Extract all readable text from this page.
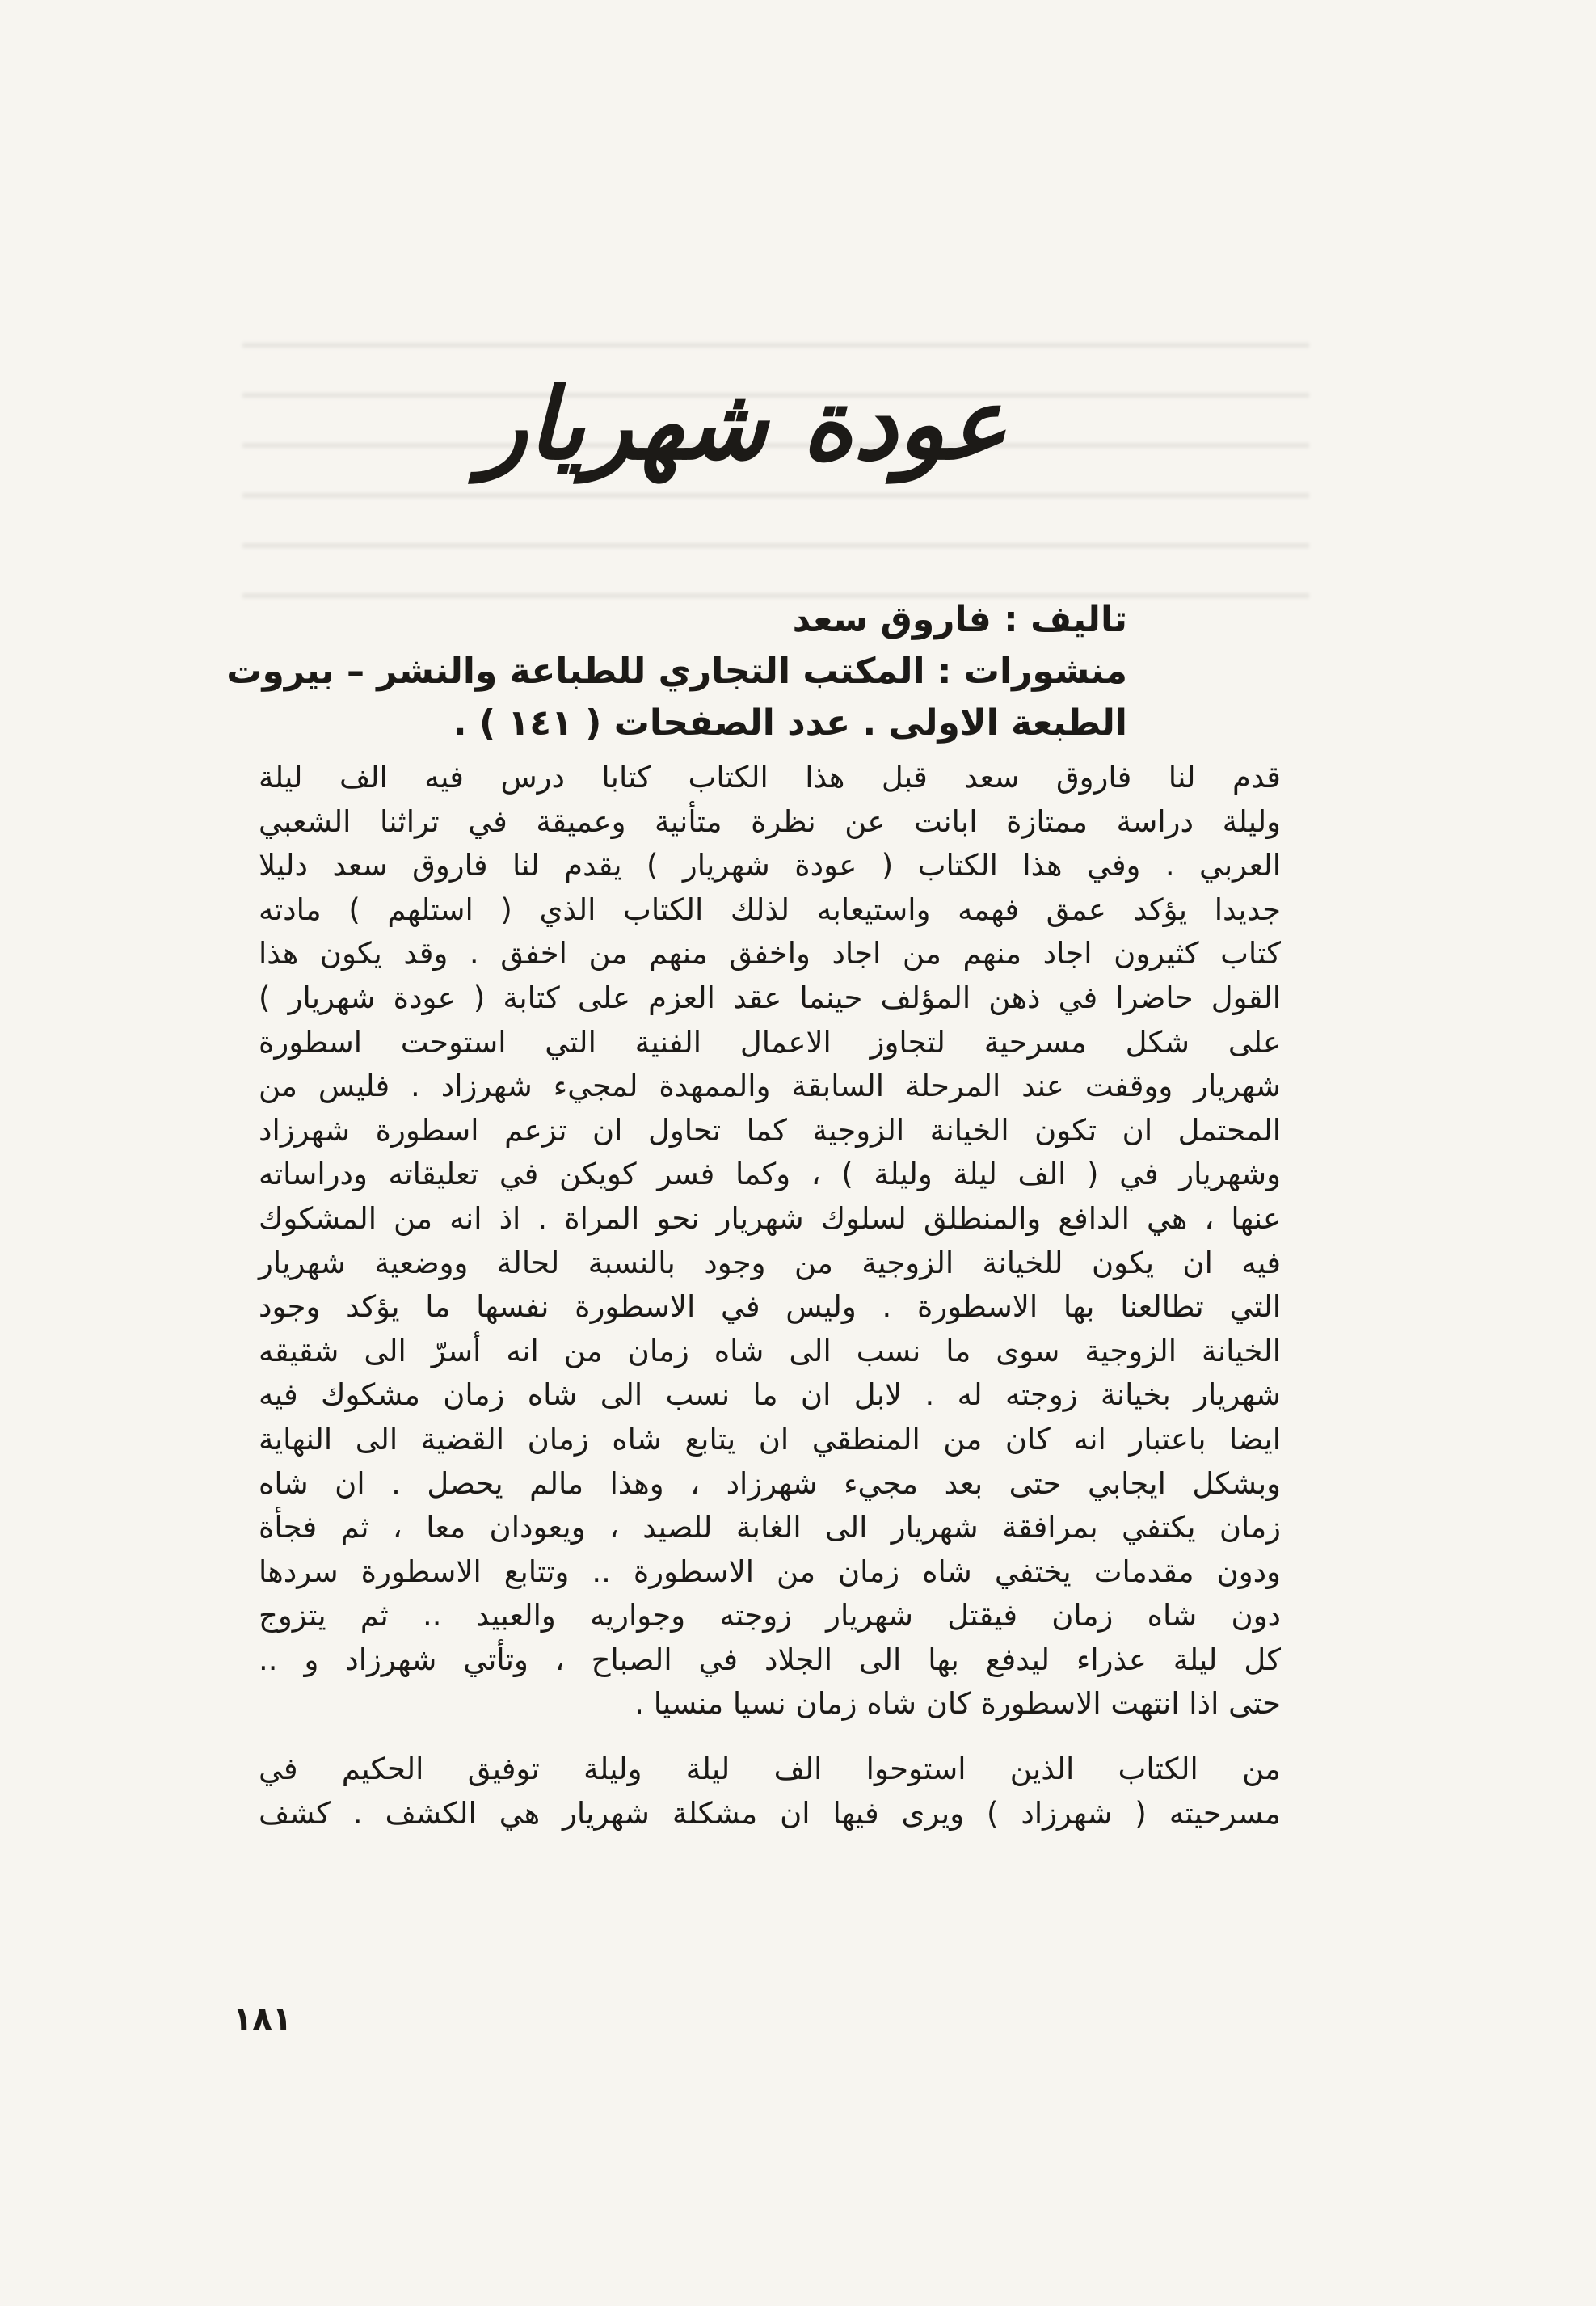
عودة شهريار
تاليف : فاروق سعد
منشورات : المكتب التجاري للطباعة والنشر – بيروت
الطبعة الاولى . عدد الصفحات ( ١٤١ ) .
قدم لنا فاروق سعد قبل هذا الكتاب كتابا درس فيه الف ليلة
وليلة دراسة ممتازة ابانت عن نظرة متأنية وعميقة في تراثنا الشعبي
العربي . وفي هذا الكتاب ( عودة شهريار ) يقدم لنا فاروق سعد دليلا
جديدا يؤكد عمق فهمه واستيعابه لذلك الكتاب الذي ( استلهم ) مادته
كتاب كثيرون اجاد منهم من اجاد واخفق منهم من اخفق . وقد يكون هذا
القول حاضرا في ذهن المؤلف حينما عقد العزم على كتابة ( عودة شهريار )
على شكل مسرحية لتجاوز الاعمال الفنية التي استوحت اسطورة
شهريار ووقفت عند المرحلة السابقة والممهدة لمجيء شهرزاد . فليس من
المحتمل ان تكون الخيانة الزوجية كما تحاول ان تزعم اسطورة شهرزاد
وشهريار في ( الف ليلة وليلة ) ، وكما فسر كويكن في تعليقاته ودراساته
عنها ، هي الدافع والمنطلق لسلوك شهريار نحو المراة . اذ انه من المشكوك
فيه ان يكون للخيانة الزوجية من وجود بالنسبة لحالة ووضعية شهريار
التي تطالعنا بها الاسطورة . وليس في الاسطورة نفسها ما يؤكد وجود
الخيانة الزوجية سوى ما نسب الى شاه زمان من انه أسرّ الى شقيقه
شهريار بخيانة زوجته له . لابل ان ما نسب الى شاه زمان مشكوك فيه
ايضا باعتبار انه كان من المنطقي ان يتابع شاه زمان القضية الى النهاية
وبشكل ايجابي حتى بعد مجيء شهرزاد ، وهذا مالم يحصل . ان شاه
زمان يكتفي بمرافقة شهريار الى الغابة للصيد ، ويعودان معا ، ثم فجأة
ودون مقدمات يختفي شاه زمان من الاسطورة .. وتتابع الاسطورة سردها
دون شاه زمان فيقتل شهريار زوجته وجواريه والعبيد .. ثم يتزوج
كل ليلة عذراء ليدفع بها الى الجلاد في الصباح ، وتأتي شهرزاد و ..
حتى اذا انتهت الاسطورة كان شاه زمان نسيا منسيا .
من الكتاب الذين استوحوا الف ليلة وليلة توفيق الحكيم في
مسرحيته ( شهرزاد ) ويرى فيها ان مشكلة شهريار هي الكشف . كشف
١٨١
